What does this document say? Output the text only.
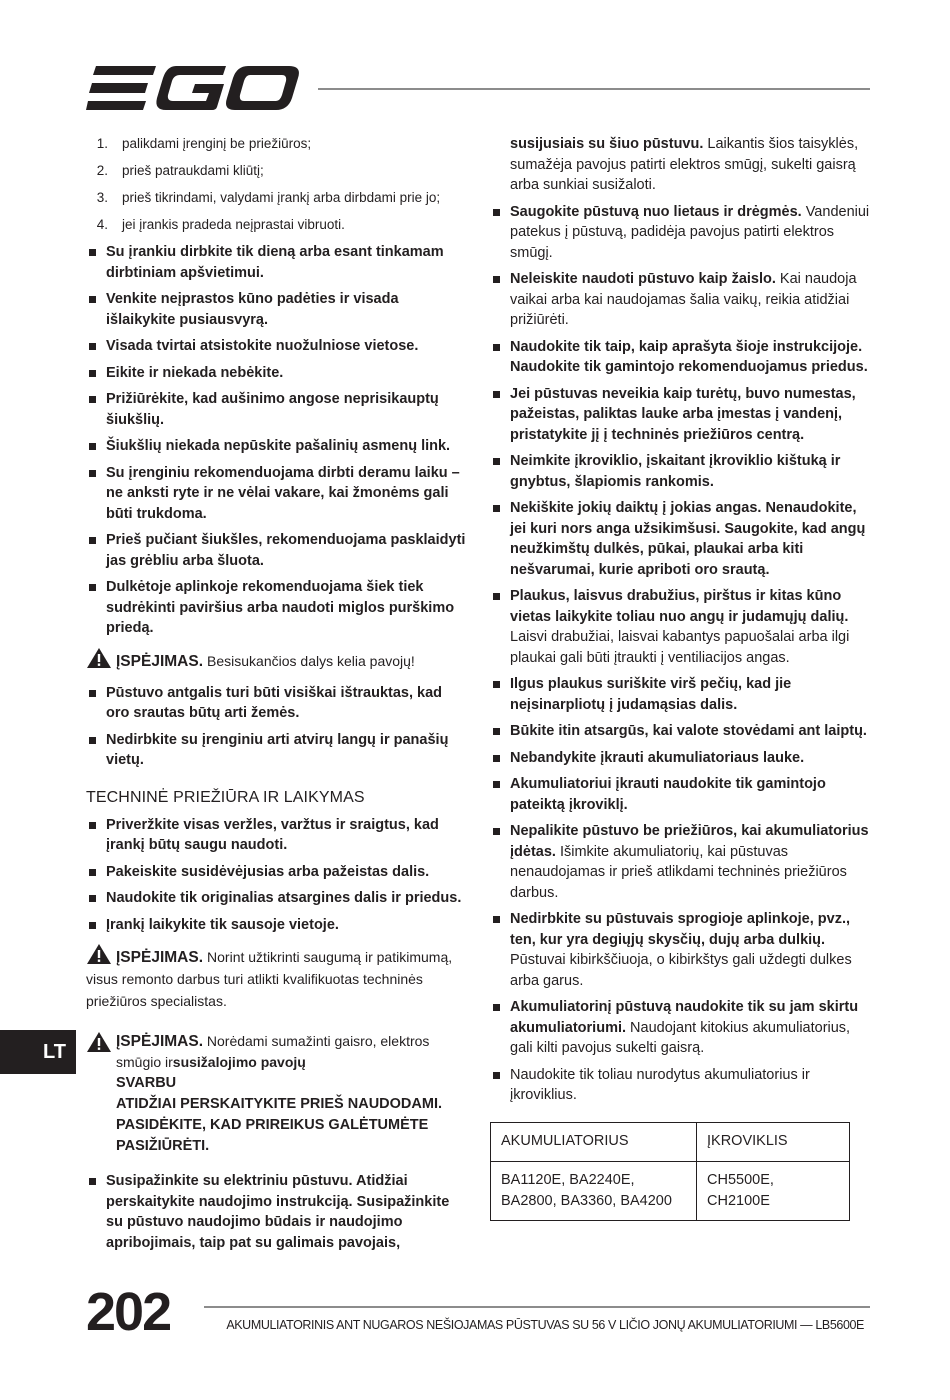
1. palikdami įrenginį be priežiūros;
2. prieš patraukdami kliūtį;
3. prieš tikrindami, valydami įrankį arba dirbdami prie jo;
4. jei įrankis pradeda neįprastai vibruoti.
Su įrankiu dirbkite tik dieną arba esant tinkamam dirbtiniam apšvietimui.
Venkite neįprastos kūno padėties ir visada išlaikykite pusiausvyrą.
Visada tvirtai atsistokite nuožulniose vietose.
Eikite ir niekada nebėkite.
Prižiūrėkite, kad aušinimo angose neprisikauptų šiukšlių.
Šiukšlių niekada nepūskite pašalinių asmenų link.
Su įrenginiu rekomenduojama dirbti deramu laiku – ne anksti ryte ir ne vėlai vakare, kai žmonėms gali būti trukdoma.
Prieš pučiant šiukšles, rekomenduojama pasklaidyti jas grėbliu arba šluota.
Dulkėtoje aplinkoje rekomenduojama šiek tiek sudrėkinti paviršius arba naudoti miglos purškimo priedą.
ĮSPĖJIMAS. Besisukančios dalys kelia pavojų!
Pūstuvo antgalis turi būti visiškai ištrauktas, kad oro srautas būtų arti žemės.
Nedirbkite su įrenginiu arti atvirų langų ir panašių vietų.
TECHNINĖ PRIEŽIŪRA IR LAIKYMAS
Priveržkite visas veržles, varžtus ir sraigtus, kad įrankį būtų saugu naudoti.
Pakeiskite susidėvėjusias arba pažeistas dalis.
Naudokite tik originalias atsargines dalis ir priedus.
Įrankį laikykite tik sausoje vietoje.
ĮSPĖJIMAS. Norint užtikrinti saugumą ir patikimumą, visus remonto darbus turi atlikti kvalifikuotas techninės priežiūros specialistas.
ĮSPĖJIMAS. Norėdami sumažinti gaisro, elektros smūgio irsusižalojimo pavojų
SVARBU
ATIDŽIAI PERSKAITYKITE PRIEŠ NAUDODAMI.
PASIDĖKITE, KAD PRIREIKUS GALĖTUMĖTE PASIŽIŪRĖTI.
Susipažinkite su elektriniu pūstuvu. Atidžiai perskaitykite naudojimo instrukciją. Susipažinkite su pūstuvo naudojimo būdais ir naudojimo apribojimais, taip pat su galimais pavojais,
susijusiais su šiuo pūstuvu. Laikantis šios taisyklės, sumažėja pavojus patirti elektros smūgį, sukelti gaisrą arba sunkiai susižaloti.
Saugokite pūstuvą nuo lietaus ir drėgmės. Vandeniui patekus į pūstuvą, padidėja pavojus patirti elektros smūgį.
Neleiskite naudoti pūstuvo kaip žaislo. Kai naudoja vaikai arba kai naudojamas šalia vaikų, reikia atidžiai prižiūrėti.
Naudokite tik taip, kaip aprašyta šioje instrukcijoje. Naudokite tik gamintojo rekomenduojamus priedus.
Jei pūstuvas neveikia kaip turėtų, buvo numestas, pažeistas, paliktas lauke arba įmestas į vandenį, pristatykite jį į techninės priežiūros centrą.
Neimkite įkroviklio, įskaitant įkroviklio kištuką ir gnybtus, šlapiomis rankomis.
Nekiškite jokių daiktų į jokias angas. Nenaudokite, jei kuri nors anga užsikimšusi. Saugokite, kad angų neužkimštų dulkės, pūkai, plaukai arba kiti nešvarumai, kurie apriboti oro srautą.
Plaukus, laisvus drabužius, pirštus ir kitas kūno vietas laikykite toliau nuo angų ir judamųjų dalių. Laisvi drabužiai, laisvai kabantys papuošalai arba ilgi plaukai gali būti įtraukti į ventiliacijos angas.
Ilgus plaukus suriškite virš pečių, kad jie neįsinarpliotų į judamąsias dalis.
Būkite itin atsargūs, kai valote stovėdami ant laiptų.
Nebandykite įkrauti akumuliatoriaus lauke.
Akumuliatoriui įkrauti naudokite tik gamintojo pateiktą įkroviklį.
Nepalikite pūstuvo be priežiūros, kai akumuliatorius įdėtas. Išimkite akumuliatorių, kai pūstuvas nenaudojamas ir prieš atlikdami techninės priežiūros darbus.
Nedirbkite su pūstuvais sprogioje aplinkoje, pvz., ten, kur yra degiųjų skysčių, dujų arba dulkių. Pūstuvai kibirkščiuoja, o kibirkštys gali uždegti dulkes arba garus.
Akumuliatorinį pūstuvą naudokite tik su jam skirtu akumuliatoriumi. Naudojant kitokius akumuliatorius, gali kilti pavojus sukelti gaisrą.
Naudokite tik toliau nurodytus akumuliatorius ir įkroviklius.
AKUMULIATORIUS	ĮKROVIKLIS
BA1120E, BA2240E, BA2800, BA3360, BA4200	CH5500E, CH2100E
LT
202	AKUMULIATORINIS ANT NUGAROS NEŠIOJAMAS PŪSTUVAS SU 56 V LIČIO JONŲ AKUMULIATORIUMI — LB5600E
